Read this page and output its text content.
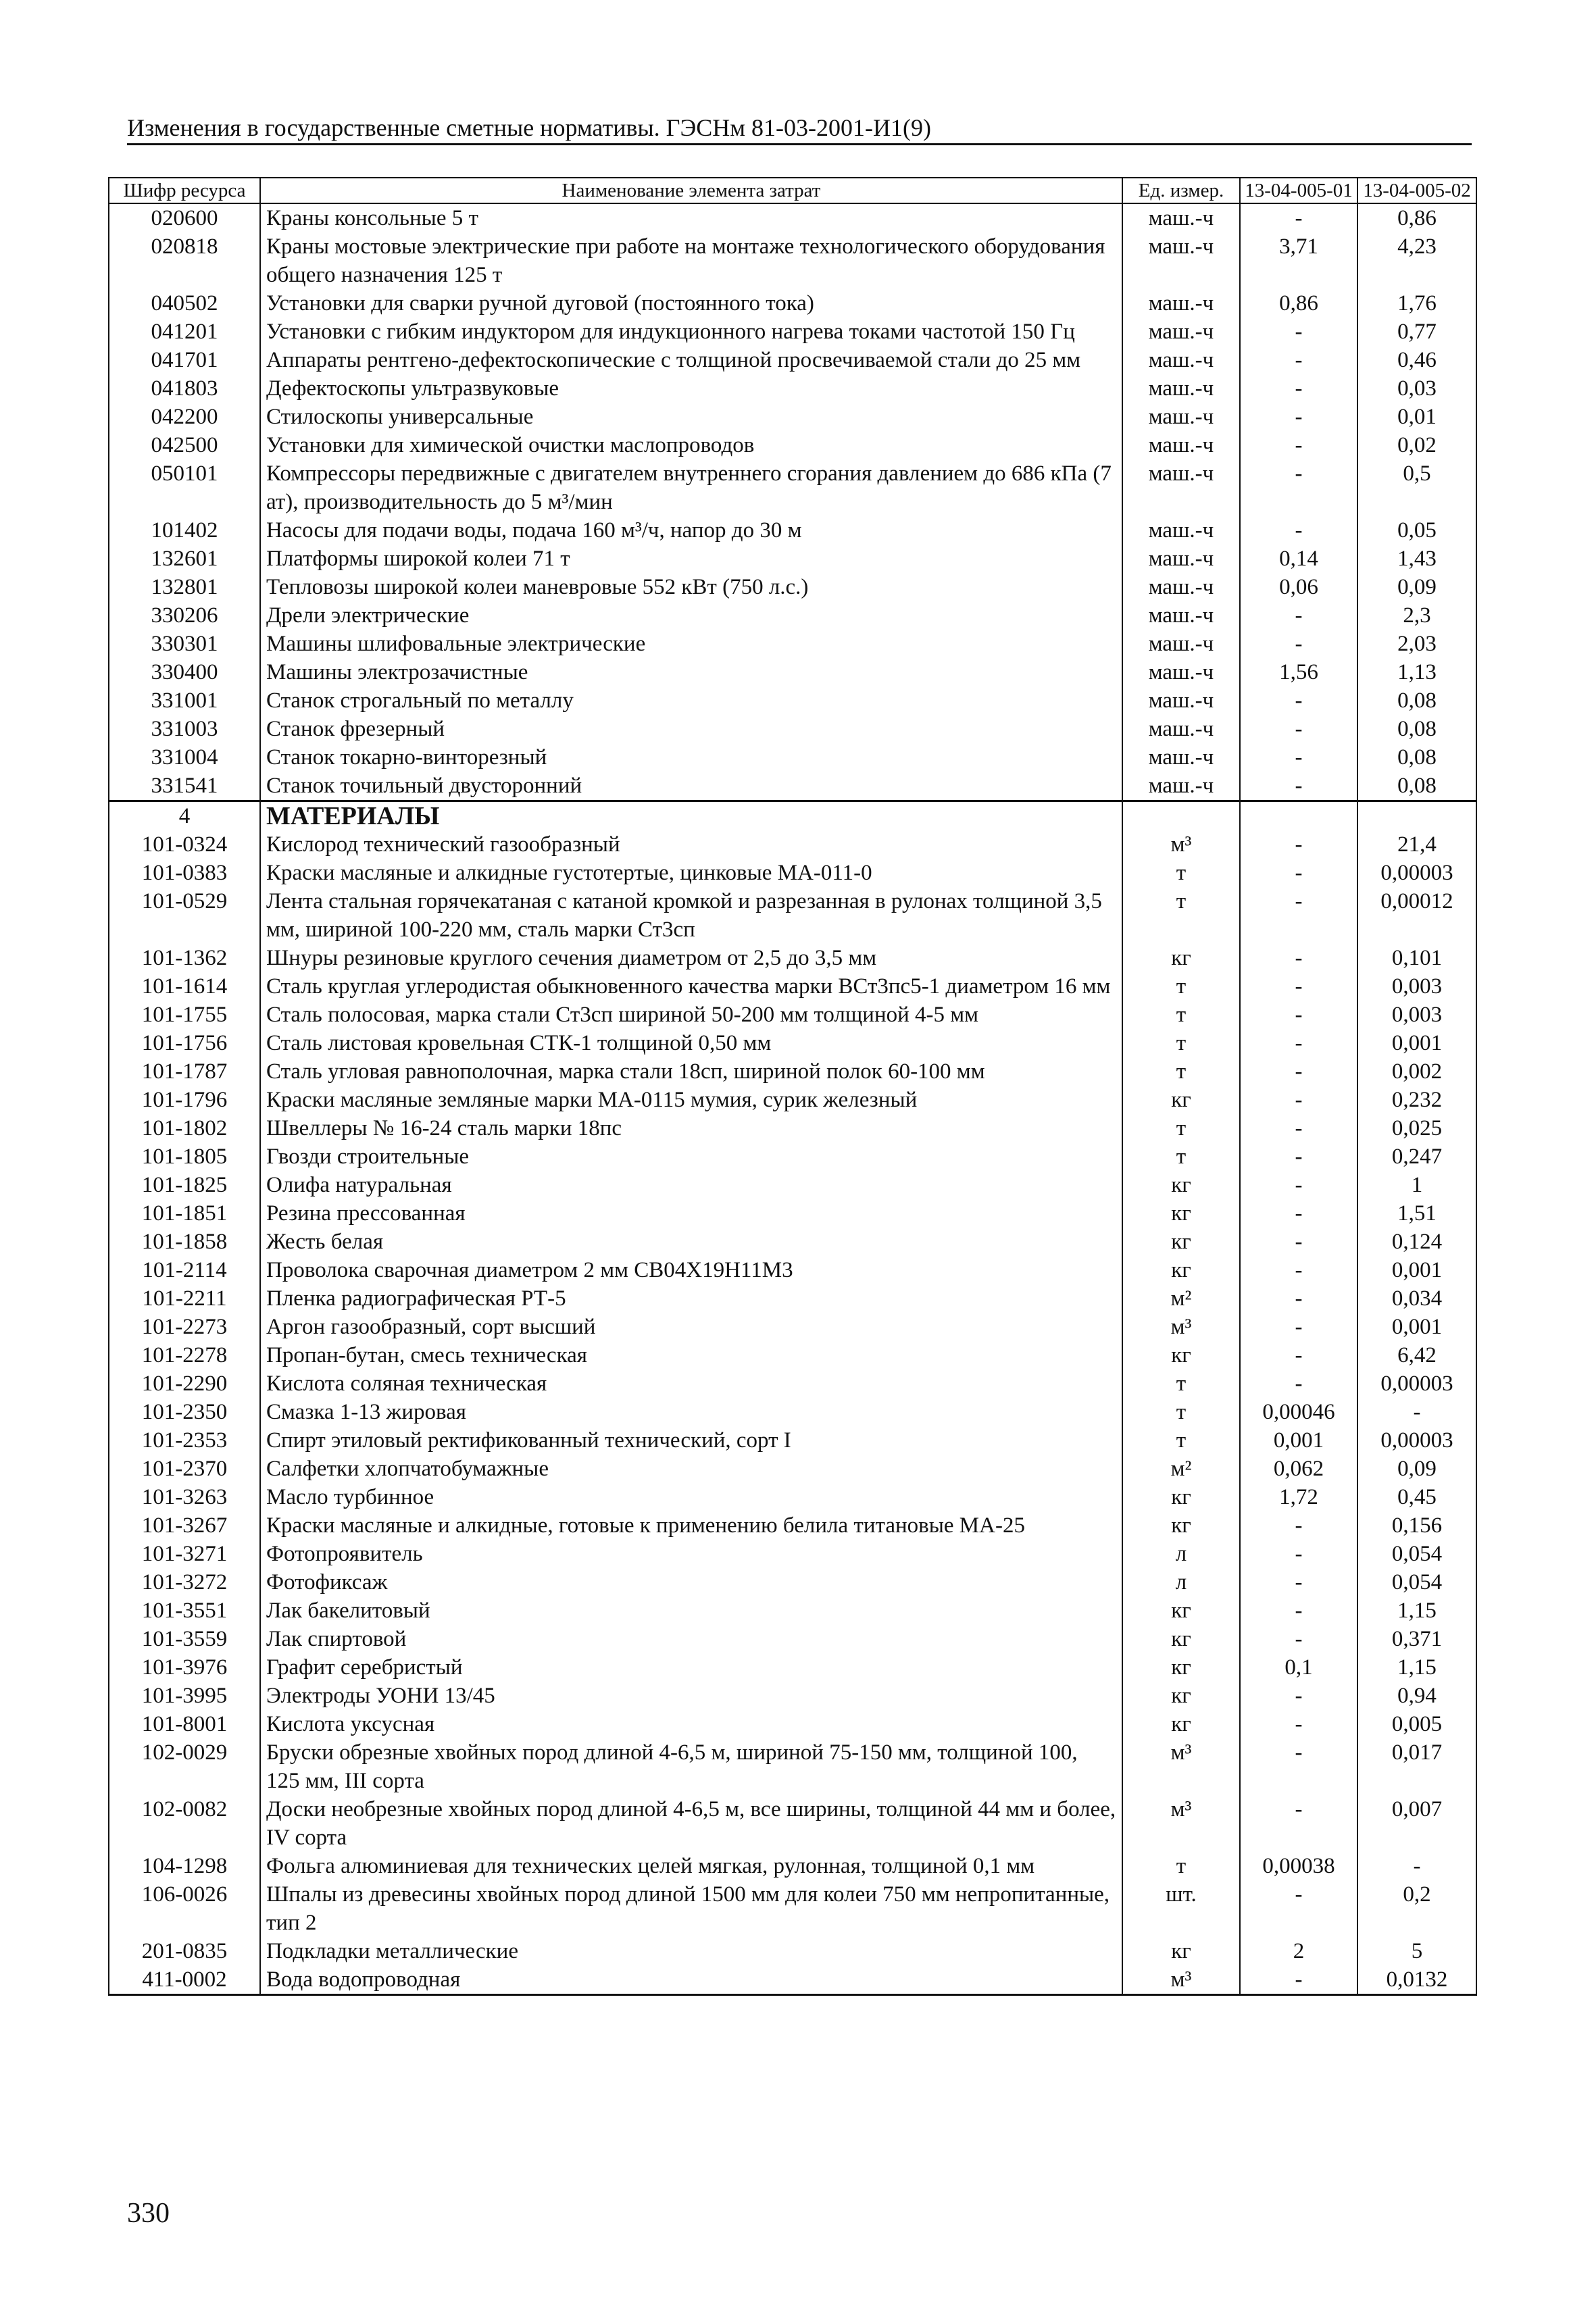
Изменения в государственные сметные нормативы. ГЭСНм 81-03-2001-И1(9)
Шифр ресурса	Наименование элемента затрат	Ед. измер.	13-04-005-01	13-04-005-02
020600	Краны консольные 5 т	маш.-ч	-	0,86
020818	Краны мостовые электрические при работе на монтаже технологического оборудования общего назначения 125 т	маш.-ч	3,71	4,23
040502	Установки для сварки ручной дуговой (постоянного тока)	маш.-ч	0,86	1,76
041201	Установки с гибким индуктором для индукционного нагрева токами частотой 150 Гц	маш.-ч	-	0,77
041701	Аппараты рентгено-дефектоскопические с толщиной просвечиваемой стали до 25 мм	маш.-ч	-	0,46
041803	Дефектоскопы ультразвуковые	маш.-ч	-	0,03
042200	Стилоскопы универсальные	маш.-ч	-	0,01
042500	Установки для химической очистки маслопроводов	маш.-ч	-	0,02
050101	Компрессоры передвижные с двигателем внутреннего сгорания давлением до 686 кПа (7 ат), производительность до 5 м³/мин	маш.-ч	-	0,5
101402	Насосы для подачи воды, подача 160 м³/ч, напор до 30 м	маш.-ч	-	0,05
132601	Платформы широкой колеи 71 т	маш.-ч	0,14	1,43
132801	Тепловозы широкой колеи маневровые 552 кВт (750 л.с.)	маш.-ч	0,06	0,09
330206	Дрели электрические	маш.-ч	-	2,3
330301	Машины шлифовальные электрические	маш.-ч	-	2,03
330400	Машины электрозачистные	маш.-ч	1,56	1,13
331001	Станок строгальный по металлу	маш.-ч	-	0,08
331003	Станок фрезерный	маш.-ч	-	0,08
331004	Станок токарно-винторезный	маш.-ч	-	0,08
331541	Станок точильный двусторонний	маш.-ч	-	0,08
4	МАТЕРИАЛЫ			
101-0324	Кислород технический газообразный	м³	-	21,4
101-0383	Краски масляные и алкидные густотертые, цинковые МА-011-0	т	-	0,00003
101-0529	Лента стальная горячекатаная с катаной кромкой и разрезанная в рулонах толщиной 3,5 мм, шириной 100-220 мм, сталь марки Ст3сп	т	-	0,00012
101-1362	Шнуры резиновые круглого сечения диаметром от 2,5 до 3,5 мм	кг	-	0,101
101-1614	Сталь круглая углеродистая обыкновенного качества марки ВСт3пс5-1 диаметром 16 мм	т	-	0,003
101-1755	Сталь полосовая, марка стали Ст3сп шириной 50-200 мм толщиной 4-5 мм	т	-	0,003
101-1756	Сталь листовая кровельная СТК-1 толщиной 0,50 мм	т	-	0,001
101-1787	Сталь угловая равнополочная, марка стали 18сп, шириной полок 60-100 мм	т	-	0,002
101-1796	Краски масляные земляные марки МА-0115 мумия, сурик железный	кг	-	0,232
101-1802	Швеллеры № 16-24 сталь марки 18пс	т	-	0,025
101-1805	Гвозди строительные	т	-	0,247
101-1825	Олифа натуральная	кг	-	1
101-1851	Резина прессованная	кг	-	1,51
101-1858	Жесть белая	кг	-	0,124
101-2114	Проволока сварочная диаметром 2 мм СВ04Х19Н11М3	кг	-	0,001
101-2211	Пленка радиографическая РТ-5	м²	-	0,034
101-2273	Аргон газообразный, сорт высший	м³	-	0,001
101-2278	Пропан-бутан, смесь техническая	кг	-	6,42
101-2290	Кислота соляная техническая	т	-	0,00003
101-2350	Смазка 1-13 жировая	т	0,00046	-
101-2353	Спирт этиловый ректификованный технический, сорт I	т	0,001	0,00003
101-2370	Салфетки хлопчатобумажные	м²	0,062	0,09
101-3263	Масло турбинное	кг	1,72	0,45
101-3267	Краски масляные и алкидные, готовые к применению белила титановые МА-25	кг	-	0,156
101-3271	Фотопроявитель	л	-	0,054
101-3272	Фотофиксаж	л	-	0,054
101-3551	Лак бакелитовый	кг	-	1,15
101-3559	Лак спиртовой	кг	-	0,371
101-3976	Графит серебристый	кг	0,1	1,15
101-3995	Электроды УОНИ 13/45	кг	-	0,94
101-8001	Кислота уксусная	кг	-	0,005
102-0029	Бруски обрезные хвойных пород длиной 4-6,5 м, шириной 75-150 мм, толщиной 100, 125 мм, III сорта	м³	-	0,017
102-0082	Доски необрезные хвойных пород длиной 4-6,5 м, все ширины, толщиной 44 мм и более, IV сорта	м³	-	0,007
104-1298	Фольга алюминиевая для технических целей мягкая, рулонная, толщиной 0,1 мм	т	0,00038	-
106-0026	Шпалы из древесины хвойных пород длиной 1500 мм для колеи 750 мм непропитанные, тип 2	шт.	-	0,2
201-0835	Подкладки металлические	кг	2	5
411-0002	Вода водопроводная	м³	-	0,0132
330
